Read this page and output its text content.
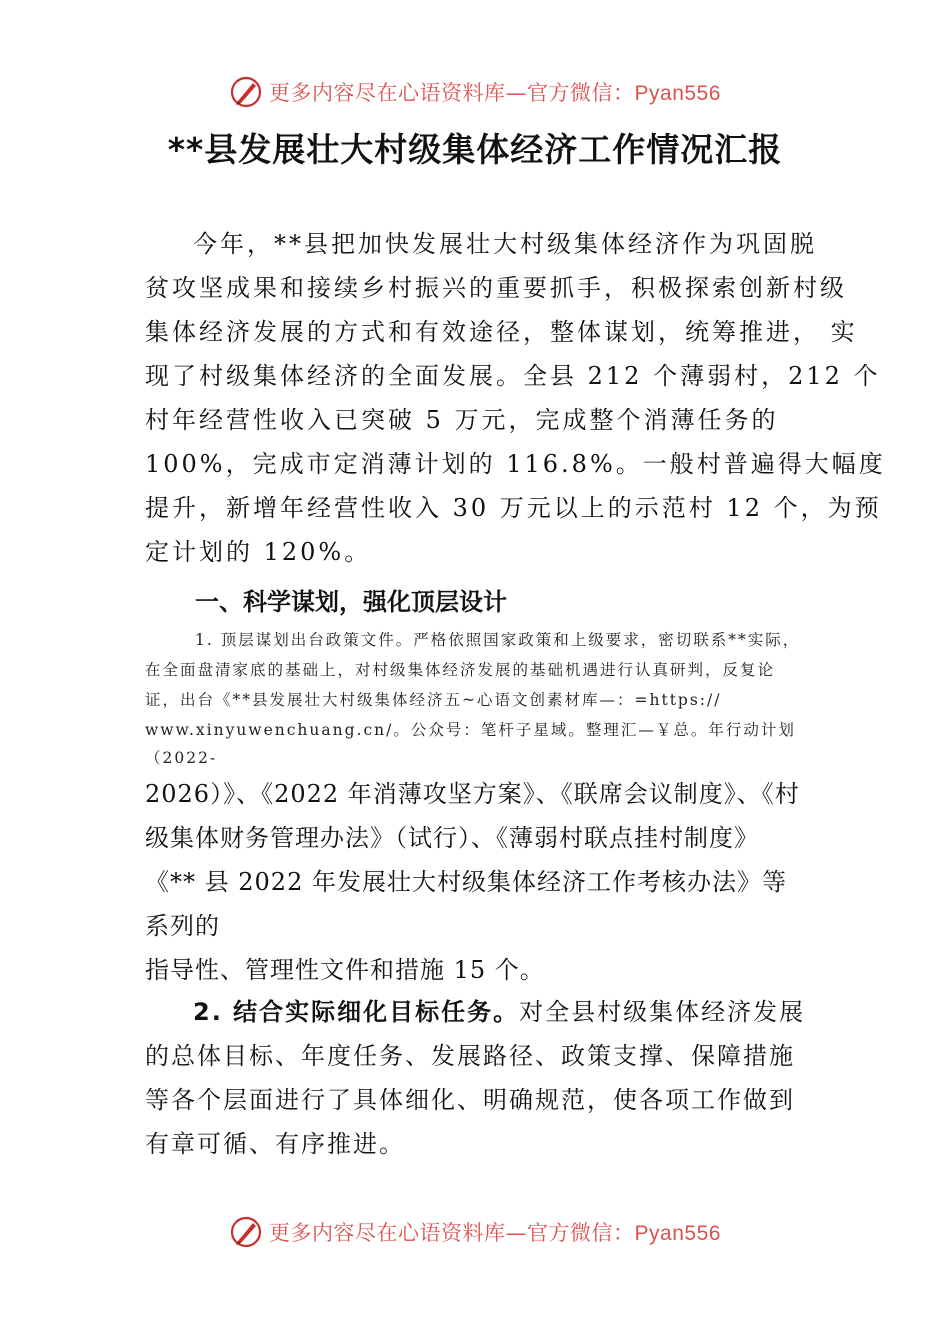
更多内容尽在心语资料库—官方微信：Pyan556
**县发展壮大村级集体经济工作情况汇报
今年，**县把加快发展壮大村级集体经济作为巩固脱
贫攻坚成果和接续乡村振兴的重要抓手，积极探索创新村级
集体经济发展的方式和有效途径，整体谋划，统筹推进， 实
现了村级集体经济的全面发展。全县 212 个薄弱村，212 个
村年经营性收入已突破 5 万元，完成整个消薄任务的
100%，完成市定消薄计划的 116.8%。一般村普遍得大幅度
提升，新增年经营性收入 30 万元以上的示范村 12 个，为预
定计划的 120%。
一、科学谋划，强化顶层设计
1. 顶层谋划出台政策文件。严格依照国家政策和上级要求，密切联系**实际，
在全面盘清家底的基础上，对村级集体经济发展的基础机遇进行认真研判，反复论
证，出台《**县发展壮大村级集体经济五~心语文创素材库—：=https://
www.xinyuwenchuang.cn/。公众号：笔杆子星域。整理汇—￥总。年行动计划
（2022-
2026）》、《2022 年消薄攻坚方案》、《联席会议制度》、《村
级集体财务管理办法》（试行）、《薄弱村联点挂村制度》
《** 县 2022 年发展壮大村级集体经济工作考核办法》等
系列的
指导性、管理性文件和措施 15 个。
2. 结合实际细化目标任务。对全县村级集体经济发展
的总体目标、年度任务、发展路径、政策支撑、保障措施
等各个层面进行了具体细化、明确规范，使各项工作做到
有章可循、有序推进。
更多内容尽在心语资料库—官方微信：Pyan556
